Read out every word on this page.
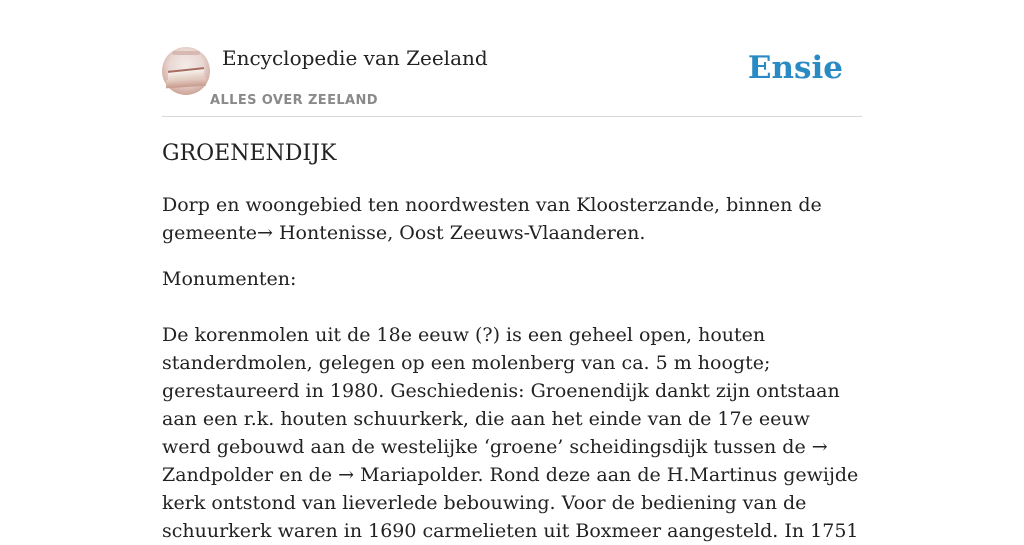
Encyclopedie van Zeeland
ALLES OVER ZEELAND
Ensie
GROENENDIJK

Dorp en woongebied ten noordwesten van Kloosterzande, binnen de gemeente→ Hontenisse, Oost Zeeuws-Vlaanderen.

Monumenten:

De korenmolen uit de 18e eeuw (?) is een geheel open, houten standerdmolen, gelegen op een molenberg van ca. 5 m hoogte; gerestaureerd in 1980. Geschiedenis: Groenendijk dankt zijn ontstaan aan een r.k. houten schuurkerk, die aan het einde van de 17e eeuw werd gebouwd aan de westelijke ‘groene’ scheidingsdijk tussen de → Zandpolder en de → Mariapolder. Rond deze aan de H.Martinus gewijde kerk ontstond van lieverlede bebouwing. Voor de bediening van de schuurkerk waren in 1690 carmelieten uit Boxmeer aangesteld. In 1751
